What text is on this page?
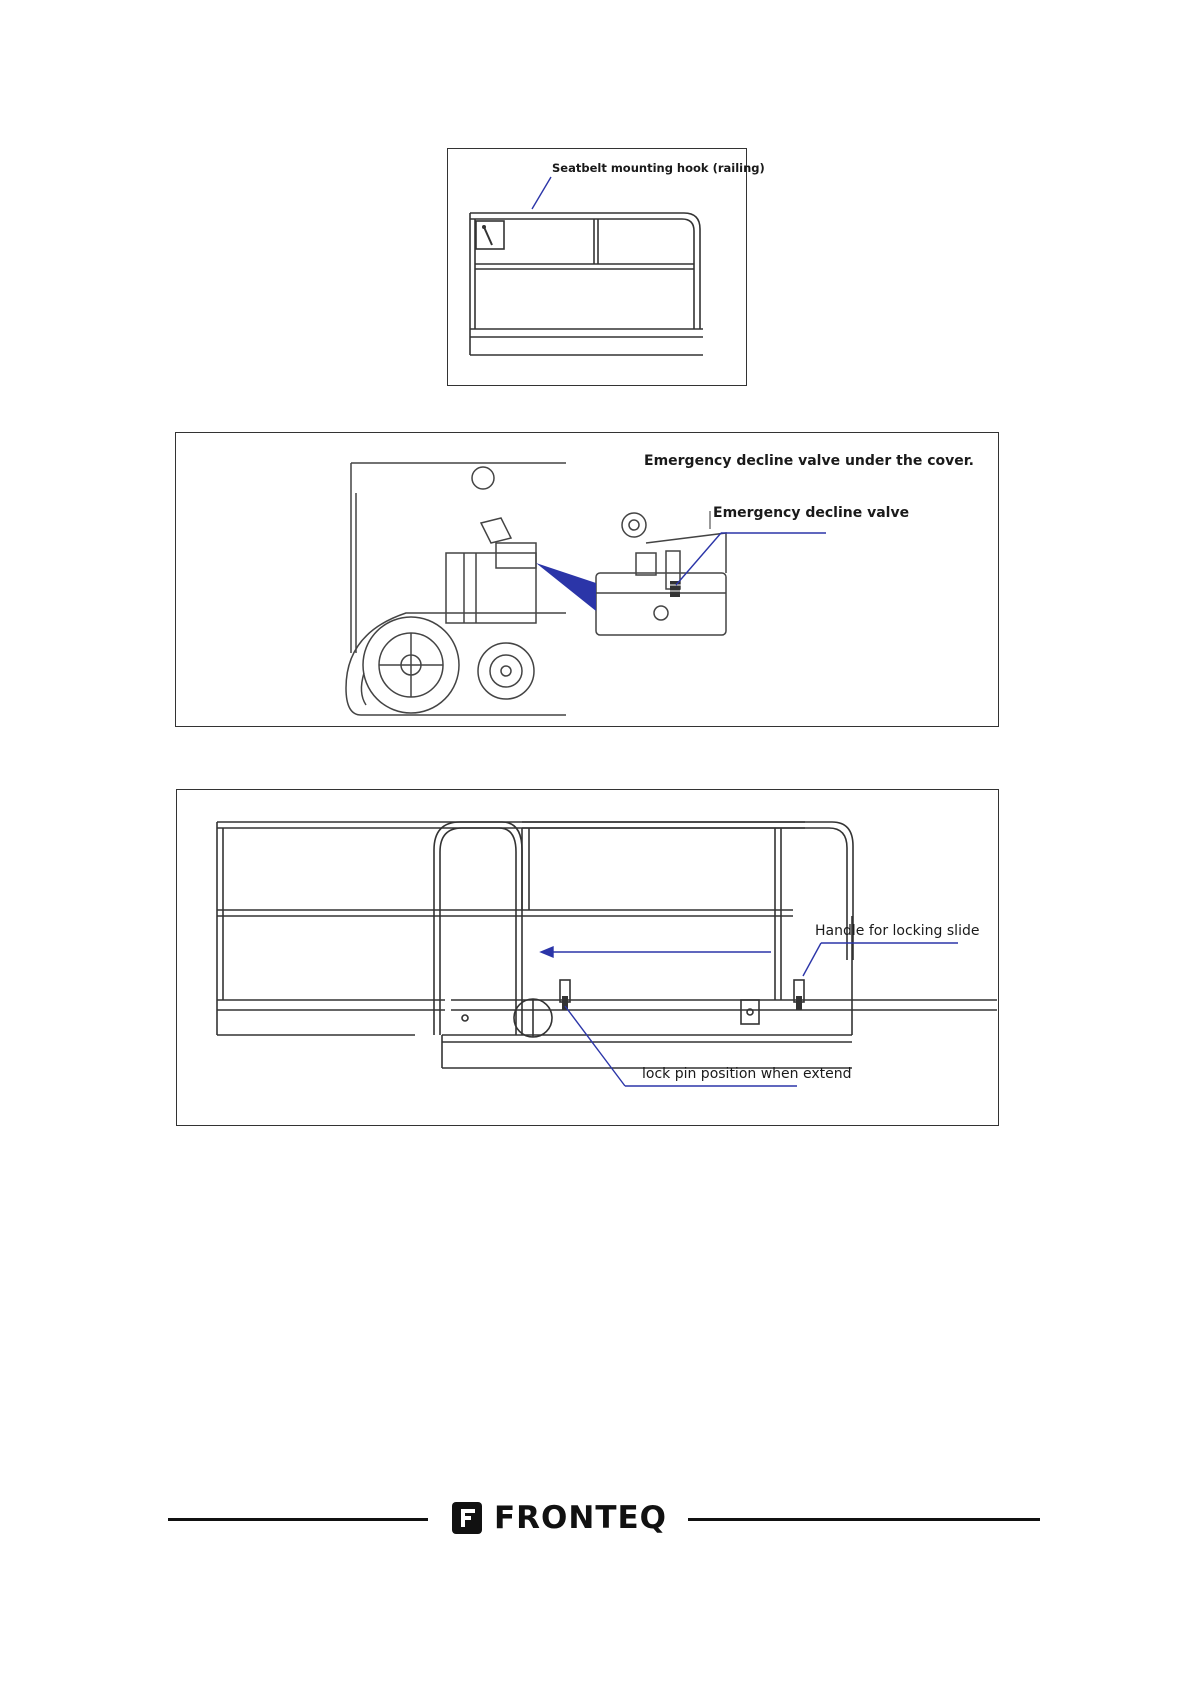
Seatbelt mounting hook (railing)
Emergency decline valve under the cover.
Emergency decline valve
Handle for locking slide
lock pin position when extend
FRONTEQ
